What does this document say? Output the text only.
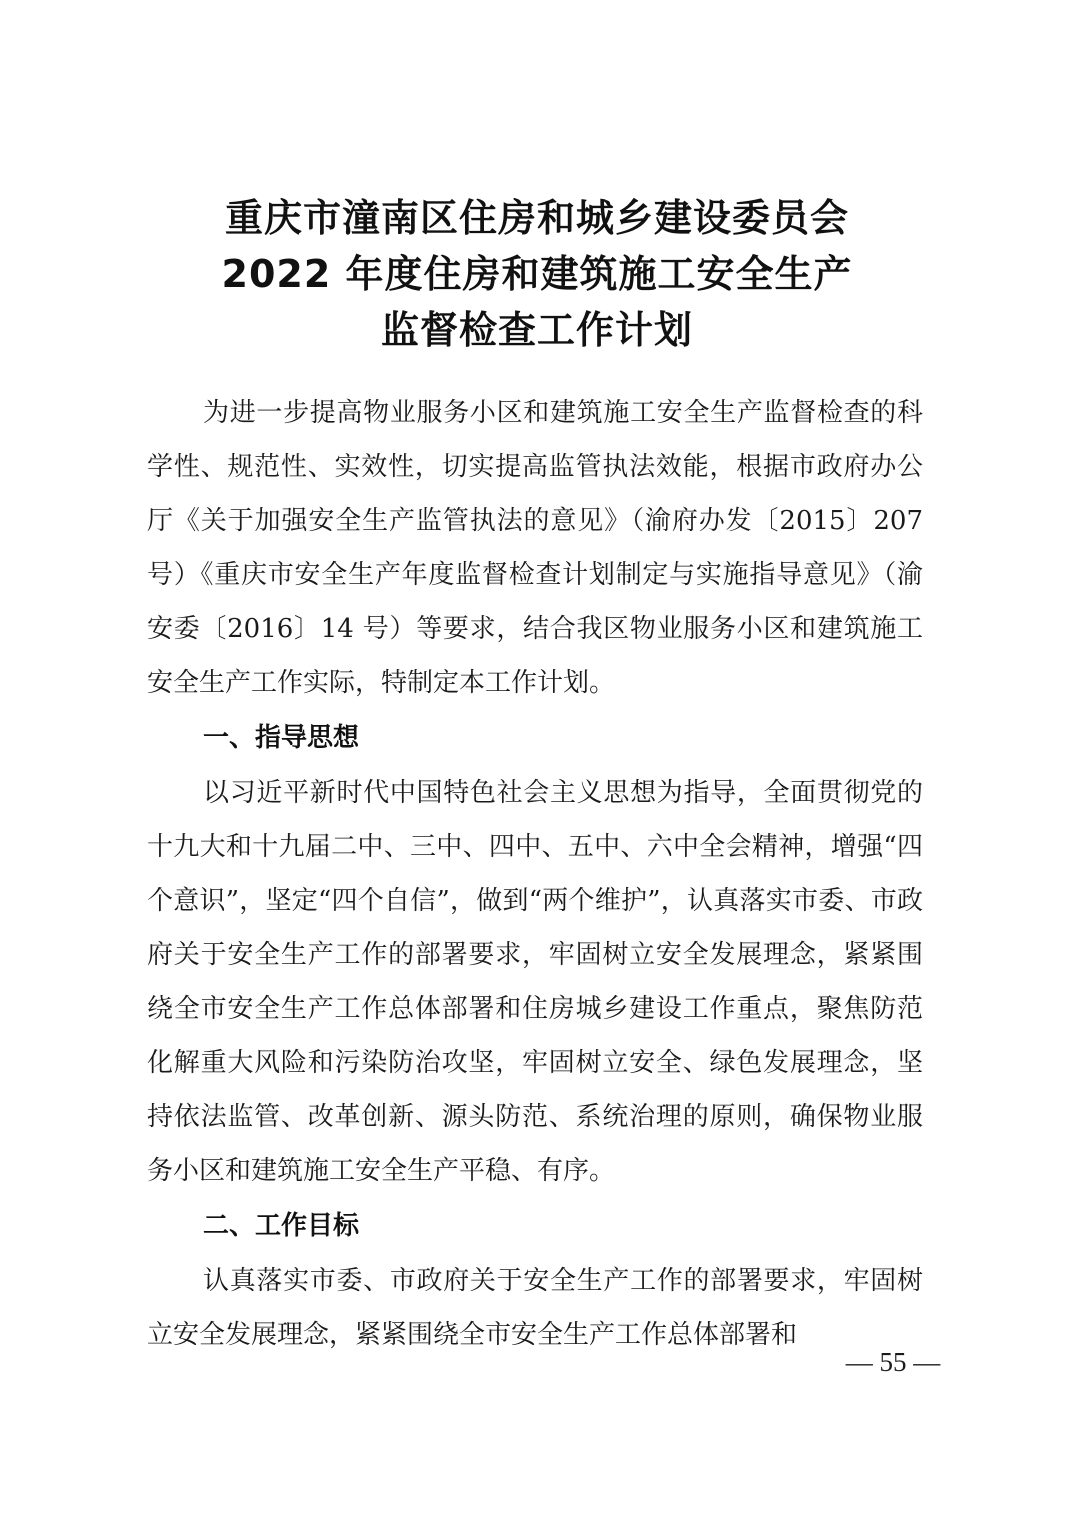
重庆市潼南区住房和城乡建设委员会
2022 年度住房和建筑施工安全生产
监督检查工作计划

为进一步提高物业服务小区和建筑施工安全生产监督检查的科学性、规范性、实效性，切实提高监管执法效能，根据市政府办公厅《关于加强安全生产监管执法的意见》（渝府办发〔2015〕207 号）《重庆市安全生产年度监督检查计划制定与实施指导意见》（渝安委〔2016〕14 号）等要求，结合我区物业服务小区和建筑施工安全生产工作实际，特制定本工作计划。

一、指导思想

以习近平新时代中国特色社会主义思想为指导，全面贯彻党的十九大和十九届二中、三中、四中、五中、六中全会精神，增强“四个意识”，坚定“四个自信”，做到“两个维护”，认真落实市委、市政府关于安全生产工作的部署要求，牢固树立安全发展理念，紧紧围绕全市安全生产工作总体部署和住房城乡建设工作重点，聚焦防范化解重大风险和污染防治攻坚，牢固树立安全、绿色发展理念，坚持依法监管、改革创新、源头防范、系统治理的原则，确保物业服务小区和建筑施工安全生产平稳、有序。

二、工作目标

认真落实市委、市政府关于安全生产工作的部署要求，牢固树立安全发展理念，紧紧围绕全市安全生产工作总体部署和

— 55 —
